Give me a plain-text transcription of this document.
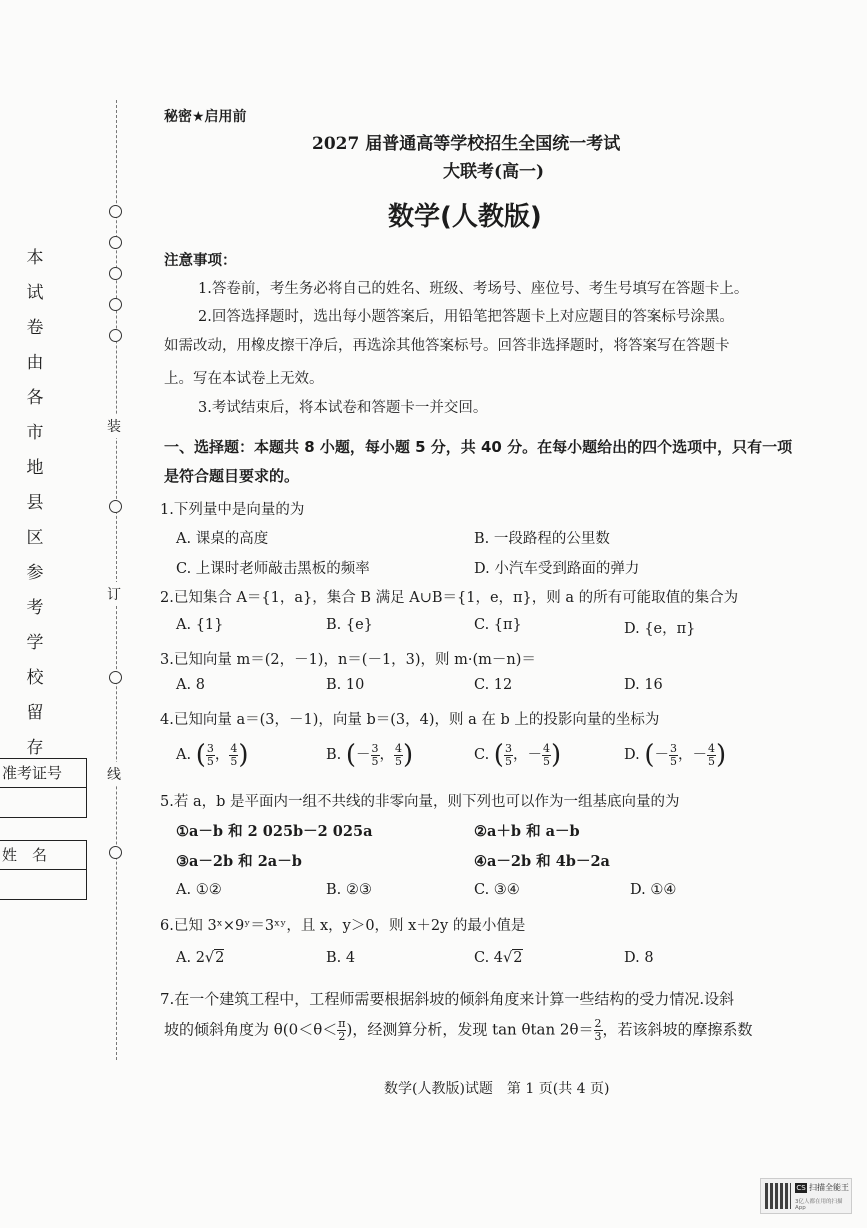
本
试
卷
由
各
市
地
县
区
参
考
学
校
留
存
准考证号
姓　名
装
订
线
秘密★启用前
2027 届普通高等学校招生全国统一考试
大联考(高一)
数学(人教版)
注意事项：
1.答卷前，考生务必将自己的姓名、班级、考场号、座位号、考生号填写在答题卡上。
2.回答选择题时，选出每小题答案后，用铅笔把答题卡上对应题目的答案标号涂黑。
如需改动，用橡皮擦干净后，再选涂其他答案标号。回答非选择题时，将答案写在答题卡
上。写在本试卷上无效。
3.考试结束后，将本试卷和答题卡一并交回。
一、选择题：本题共 8 小题，每小题 5 分，共 40 分。在每小题给出的四个选项中，只有一项
是符合题目要求的。
1.下列量中是向量的为
A. 课桌的高度	B. 一段路程的公里数
C. 上课时老师敲击黑板的频率	D. 小汽车受到路面的弹力
2.已知集合 A＝{1，a}，集合 B 满足 A∪B＝{1，e，π}，则 a 的所有可能取值的集合为
A. {1}	B. {e}	C. {π}	D. {e，π}
3.已知向量 m＝(2，－1)，n＝(－1，3)，则 m·(m－n)＝
A. 8	B. 10	C. 12	D. 16
4.已知向量 a＝(3，－1)，向量 b＝(3，4)，则 a 在 b 上的投影向量的坐标为
A. ( $\frac{3}{5}$ ， $\frac{4}{5}$ )	B. (－ $\frac{3}{5}$ ， $\frac{4}{5}$ )	C. ( $\frac{3}{5}$ ，－ $\frac{4}{5}$ )	D. (－ $\frac{3}{5}$ ，－ $\frac{4}{5}$ )
5.若 a，b 是平面内一组不共线的非零向量，则下列也可以作为一组基底向量的为
①a－b 和 2 025b－2 025a	②a＋b 和 a－b
③a－2b 和 2a－b	④a－2b 和 4b－2a
A. ①②	B. ②③	C. ③④	D. ①④
6.已知 3ˣ×9ʸ＝3ˣʸ，且 x，y＞0，则 x＋2y 的最小值是
A. 2√2	B. 4	C. 4√2	D. 8
7.在一个建筑工程中，工程师需要根据斜坡的倾斜角度来计算一些结构的受力情况.设斜
坡的倾斜角度为 $\theta(0<\theta< \frac{\pi}{2}$ )，经测算分析，发现 tan θtan $2\theta= \frac{2}{3}$ ，若该斜坡的摩擦系数
数学(人教版)试题　第 1 页(共 4 页)
CS 扫描全能王
3亿人都在用的扫描App
